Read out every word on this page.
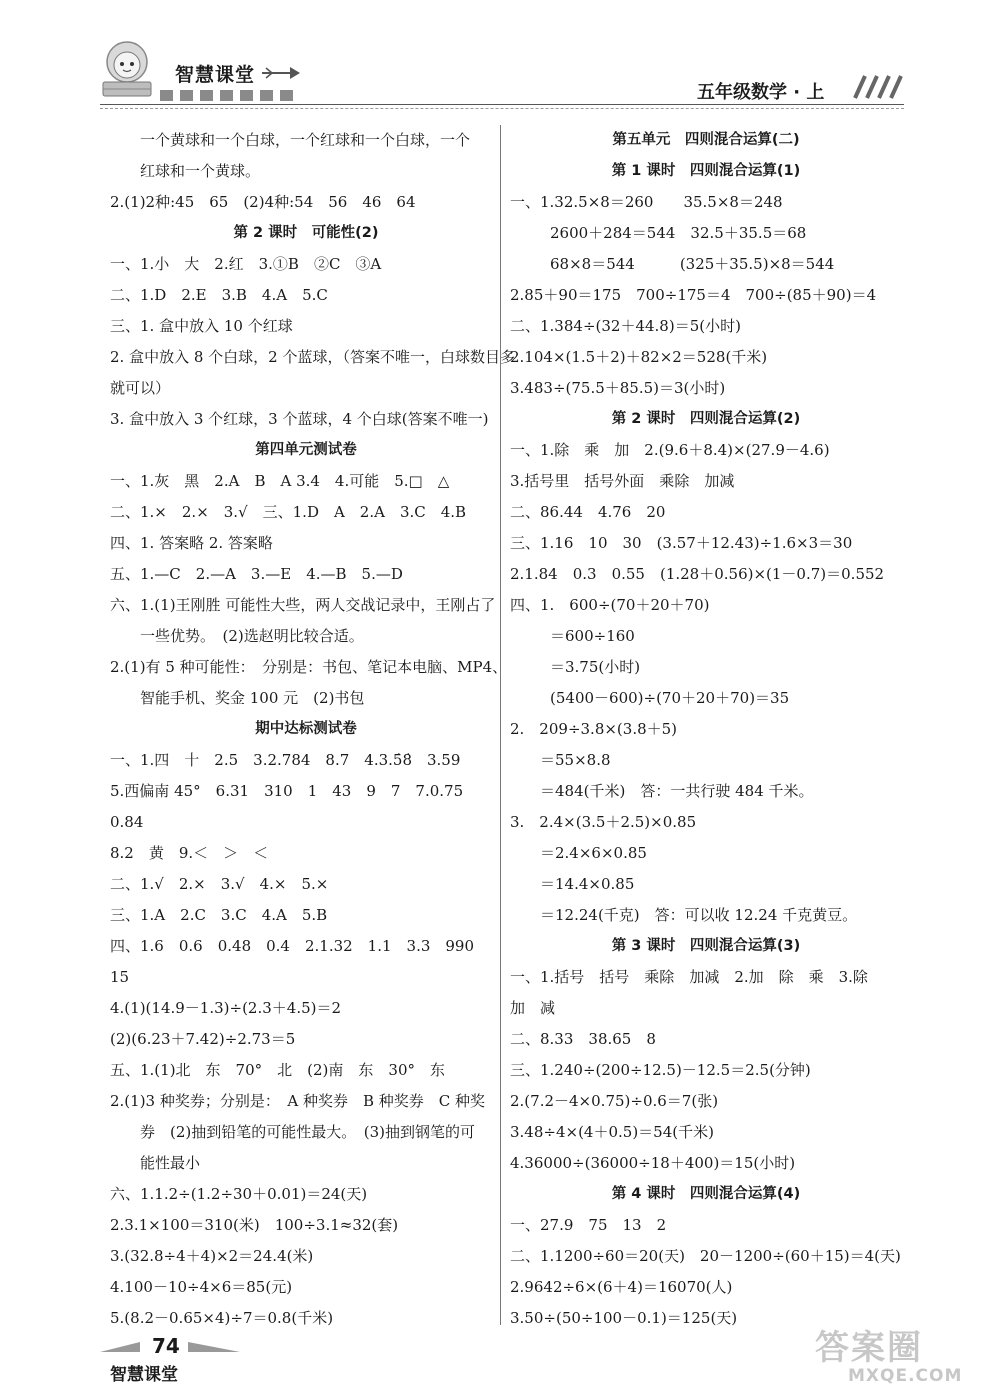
智慧课堂
五年级数学 · 上
一个黄球和一个白球，一个红球和一个白球，一个
红球和一个黄球。
2.(1)2种:45　65　(2)4种:54　56　46　64
第 2 课时　可能性(2)
一、1.小　大　2.红　3.①B　②C　③A
二、1.D　2.E　3.B　4.A　5.C
三、1. 盒中放入 10 个红球
2. 盒中放入 8 个白球，2 个蓝球，（答案不唯一，白球数目多
就可以）
3. 盒中放入 3 个红球，3 个蓝球，4 个白球(答案不唯一)
第四单元测试卷
一、1.灰　黑　2.A　B　A 3.4　4.可能　5.□　△
二、1.×　2.×　3.√　三、1.D　A　2.A　3.C　4.B
四、1. 答案略 2. 答案略
五、1.—C　2.—A　3.—E　4.—B　5.—D
六、1.(1)王刚胜 可能性大些，两人交战记录中，王刚占了
一些优势。　(2)选赵明比较合适。
2.(1)有 5 种可能性：　分别是：书包、笔记本电脑、MP4、
智能手机、奖金 100 元　(2)书包
期中达标测试卷
一、1.四　十　2.5　3.2.784　8.7　4.3.5̇8̇　3.59
5.西偏南 45°　6.31　310　1　43　9　7　7.0.75
0.84
8.2　黄　9.＜　＞　＜
二、1.√　2.×　3.√　4.×　5.×
三、1.A　2.C　3.C　4.A　5.B
四、1.6　0.6　0.48　0.4　2.1.32　1.1　3.3　990
15
4.(1)(14.9－1.3)÷(2.3＋4.5)＝2
(2)(6.23＋7.42)÷2.73＝5
五、1.(1)北　东　70°　北　(2)南　东　30°　东
2.(1)3 种奖券；分别是：　A 种奖券　B 种奖券　C 种奖
券　(2)抽到铅笔的可能性最大。　(3)抽到钢笔的可
能性最小
六、1.1.2÷(1.2÷30＋0.01)＝24(天)
2.3.1×100＝310(米)　100÷3.1≈32(套)
3.(32.8÷4＋4)×2＝24.4(米)
4.100－10÷4×6＝85(元)
5.(8.2－0.65×4)÷7＝0.8(千米)
第五单元　四则混合运算(二)
第 1 课时　四则混合运算(1)
一、1.32.5×8＝260　　35.5×8＝248
2600＋284＝544　32.5＋35.5＝68
68×8＝544　　　(325＋35.5)×8＝544
2.85＋90＝175　700÷175＝4　700÷(85＋90)＝4
二、1.384÷(32＋44.8)＝5(小时)
2.104×(1.5＋2)＋82×2＝528(千米)
3.483÷(75.5＋85.5)＝3(小时)
第 2 课时　四则混合运算(2)
一、1.除　乘　加　2.(9.6＋8.4)×(27.9－4.6)
3.括号里　括号外面　乘除　加减
二、86.44　4.76　20
三、1.16　10　30　(3.57＋12.43)÷1.6×3＝30
2.1.84　0.3　0.55　(1.28＋0.56)×(1－0.7)＝0.552
四、1.　600÷(70＋20＋70)
＝600÷160
＝3.75(小时)
(5400－600)÷(70＋20＋70)＝35
2.　209÷3.8×(3.8＋5)
＝55×8.8
＝484(千米)　答：一共行驶 484 千米。
3.　2.4×(3.5＋2.5)×0.85
＝2.4×6×0.85
＝14.4×0.85
＝12.24(千克)　答：可以收 12.24 千克黄豆。
第 3 课时　四则混合运算(3)
一、1.括号　括号　乘除　加减　2.加　除　乘　3.除
加　减
二、8.33　38.65　8
三、1.240÷(200÷12.5)－12.5＝2.5(分钟)
2.(7.2－4×0.75)÷0.6＝7(张)
3.48÷4×(4＋0.5)＝54(千米)
4.36000÷(36000÷18＋400)＝15(小时)
第 4 课时　四则混合运算(4)
一、27.9　75　13　2
二、1.1200÷60＝20(天)　20－1200÷(60＋15)＝4(天)
2.9642÷6×(6＋4)＝16070(人)
3.50÷(50÷100－0.1)＝125(天)
74
智慧课堂
答案圈
MXQE.COM
